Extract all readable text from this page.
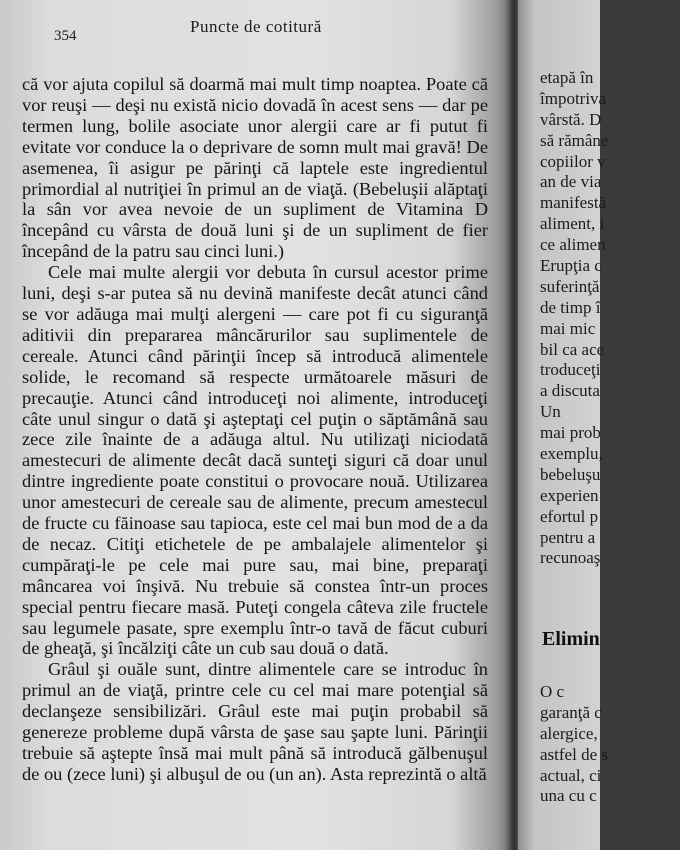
354	Puncte de cotitură

că vor ajuta copilul să doarmă mai mult timp noaptea. Poate că vor reuşi — deşi nu există nicio dovadă în acest sens — dar pe termen lung, bolile asociate unor alergii care ar fi putut fi evitate vor conduce la o deprivare de somn mult mai gravă! De asemenea, îi asigur pe părinţi că laptele este ingredientul primordial al nutriţiei în primul an de viaţă. (Bebeluşii alăptaţi la sân vor avea nevoie de un supliment de Vitamina D începând cu vârsta de două luni şi de un supliment de fier începând de la patru sau cinci luni.)

Cele mai multe alergii vor debuta în cursul acestor prime luni, deşi s-ar putea să nu devină manifeste decât atunci când se vor adăuga mai mulţi alergeni — care pot fi cu siguranţă aditivii din prepararea mâncărurilor sau suplimentele de cereale. Atunci când părinţii încep să introducă alimentele solide, le recomand să respecte următoarele măsuri de precauţie. Atunci când introduceţi noi alimente, introduceţi câte unul singur o dată şi aşteptaţi cel puţin o săptămână sau zece zile înainte de a adăuga altul. Nu utilizaţi niciodată amestecuri de alimente decât dacă sunteţi siguri că doar unul dintre ingrediente poate constitui o provocare nouă. Utilizarea unor amestecuri de cereale sau de alimente, precum amestecul de fructe cu făinoase sau tapioca, este cel mai bun mod de a da de necaz. Citiţi etichetele de pe ambalajele alimentelor şi cumpăraţi-le pe cele mai pure sau, mai bine, preparaţi mâncarea voi înşivă. Nu trebuie să constea într-un proces special pentru fiecare masă. Puteţi congela câteva zile fructele sau legumele pasate, spre exemplu într-o tavă de făcut cuburi de gheaţă, şi încălziţi câte un cub sau două o dată.

Grâul şi ouăle sunt, dintre alimentele care se introduc în primul an de viaţă, printre cele cu cel mai mare potenţial să declanşeze sensibilizări. Grâul este mai puţin probabil să genereze probleme după vârsta de şase sau şapte luni. Părinţii trebuie să aştepte însă mai mult până să introducă gălbenuşul de ou (zece luni) şi albuşul de ou (un an). Asta reprezintă o altă

etapă în
împotriva
vârstă. D
să rămâne
copiilor v
an de via
manifestă
aliment, i
ce alimen
Erupţia c
suferinţă
de timp î
mai mic
bil ca ace
troduceţi
a discuta
Un
mai prob
exemplu,
bebeluşu
experien
efortul p
pentru a
recunoaş
Elimin
O c
garanţă c
alergice,
astfel de s
actual, ci
una cu c
